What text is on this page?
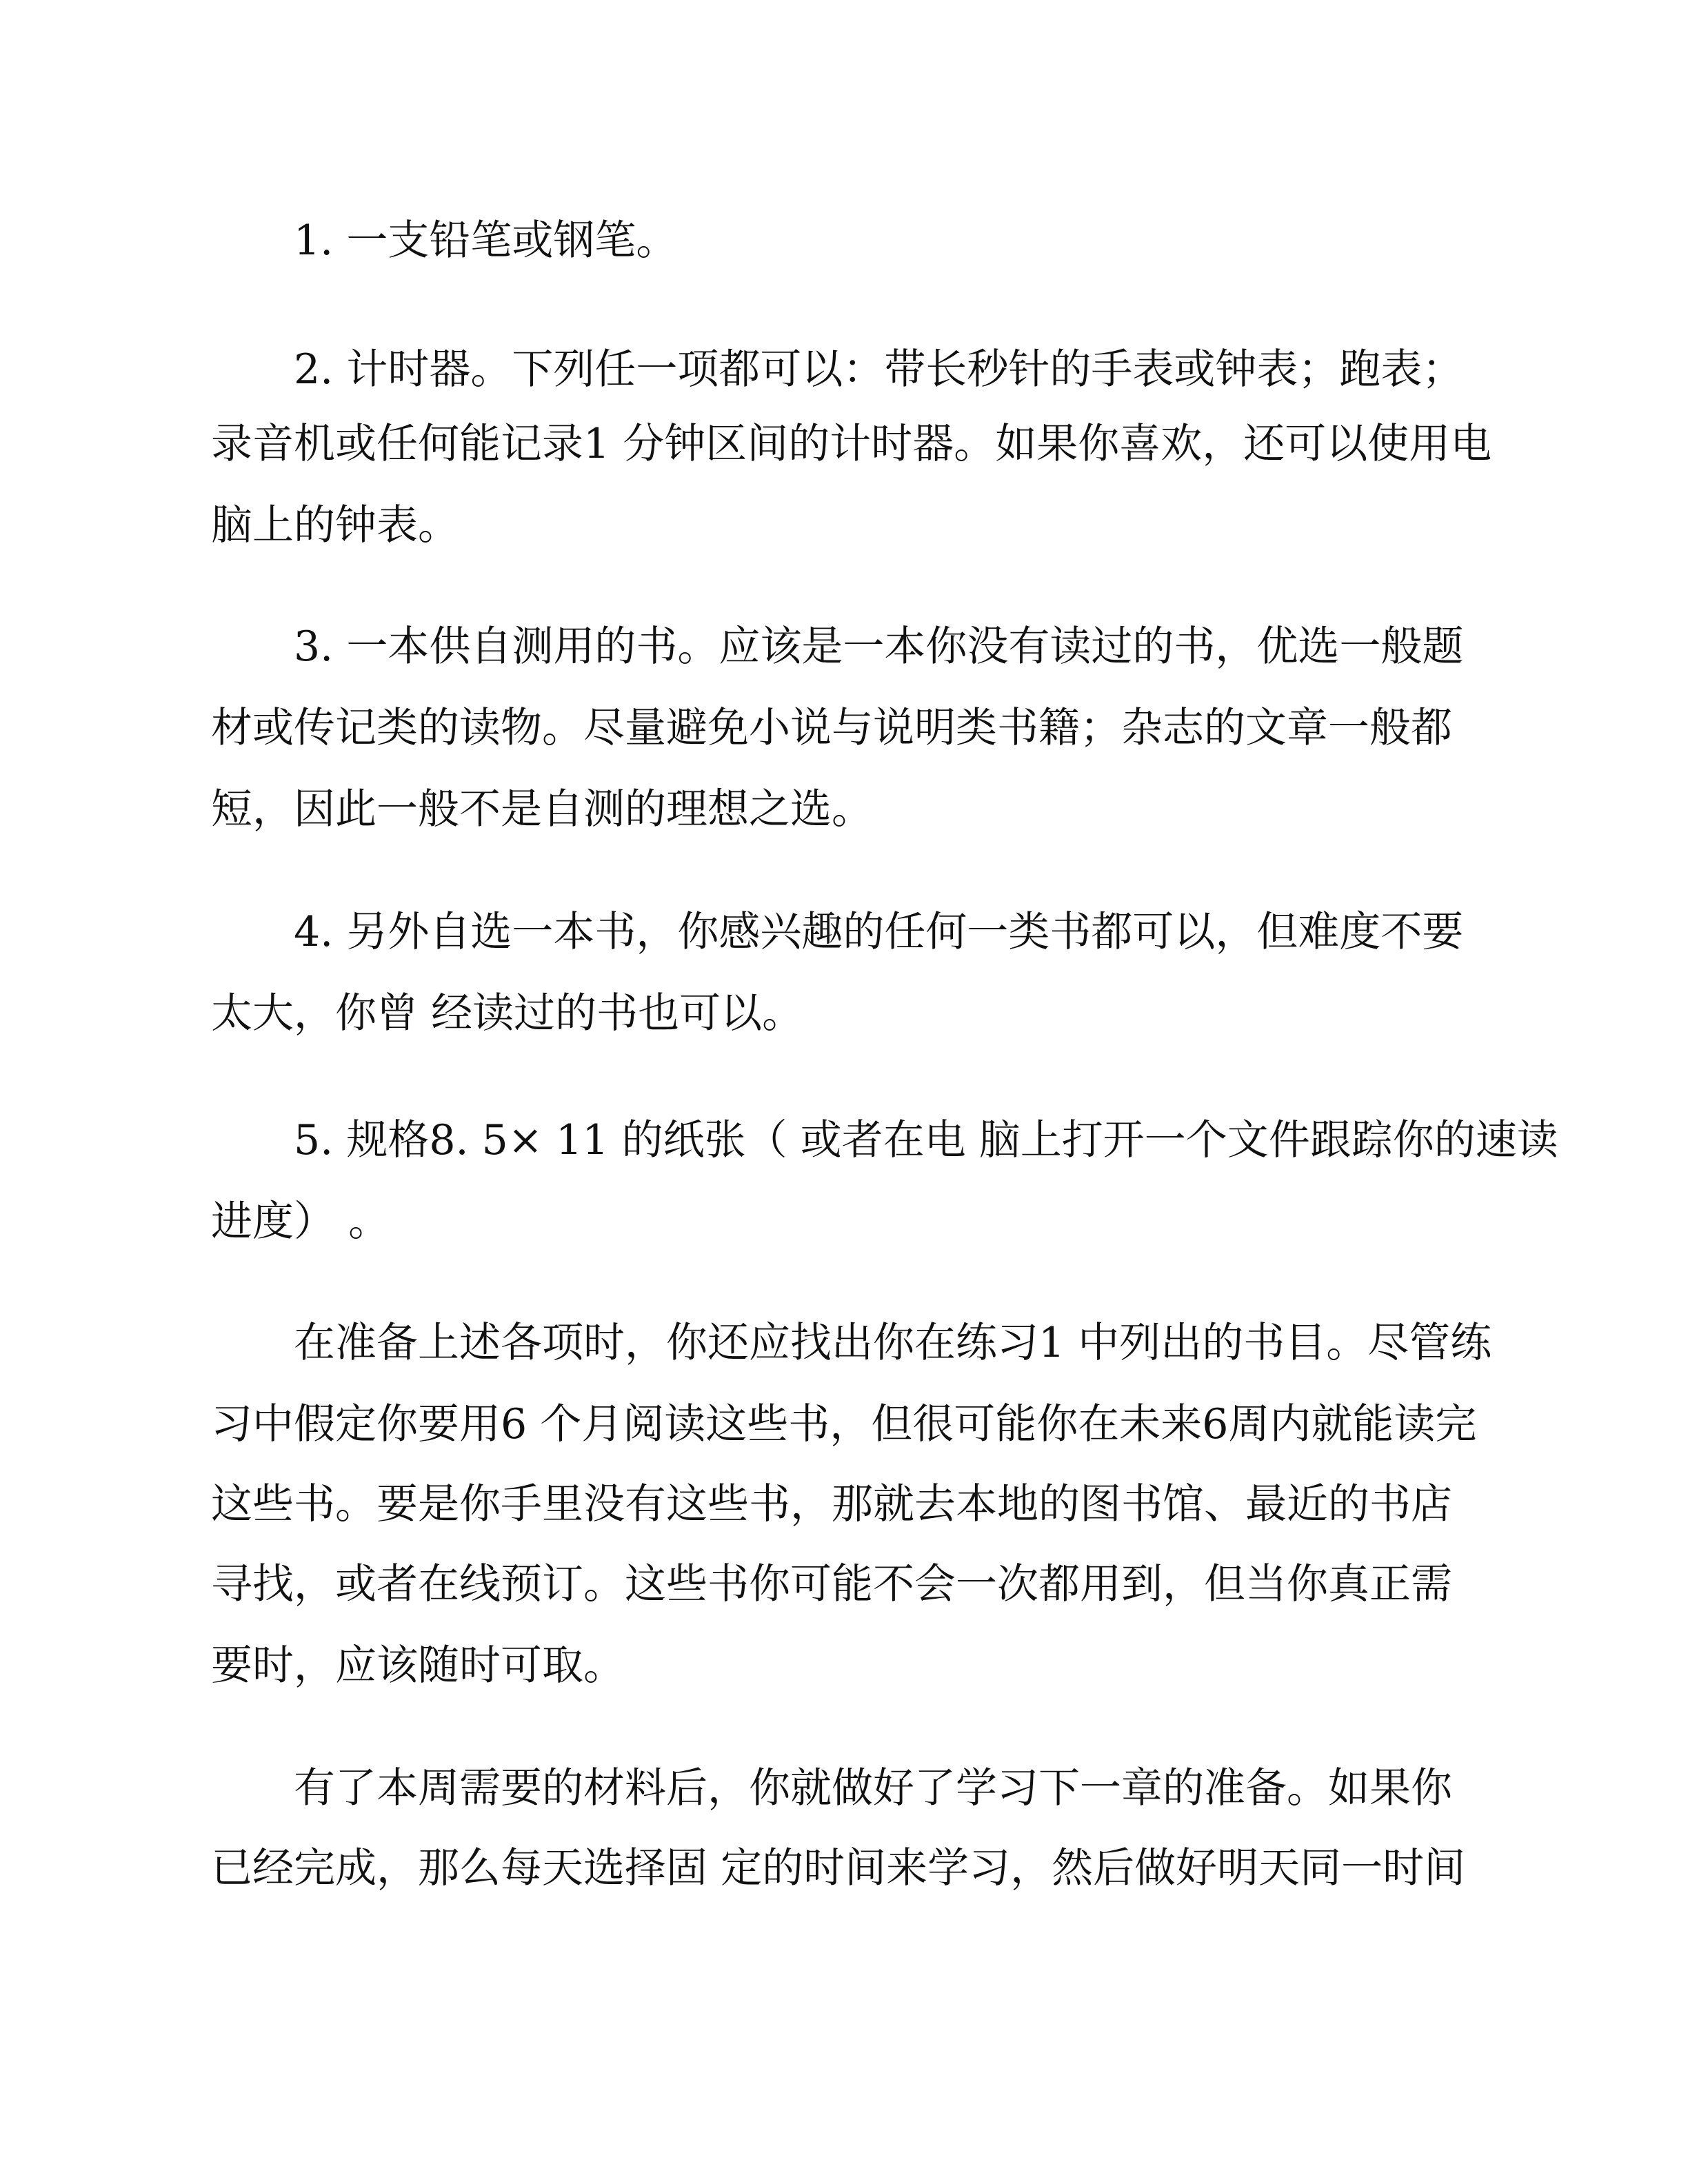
1. 一支铅笔或钢笔。

2. 计时器。下列任一项都可以：带长秒针的手表或钟表；跑表；

录音机或任何能记录1 分钟区间的计时器。如果你喜欢，还可以使用电

脑上的钟表。

3. 一本供自测用的书。应该是一本你没有读过的书，优选一般题

材或传记类的读物。尽量避免小说与说明类书籍；杂志的文章一般都

短，因此一般不是自测的理想之选。

4. 另外自选一本书，你感兴趣的任何一类书都可以，但难度不要

太大，你曾 经读过的书也可以。

5. 规格8. 5× 11 的纸张（ 或者在电 脑上打开一个文件跟踪你的速读

进度） 。

在准备上述各项时，你还应找出你在练习1 中列出的书目。尽管练

习中假定你要用6 个月阅读这些书，但很可能你在未来6周内就能读完

这些书。要是你手里没有这些书，那就去本地的图书馆、最近的书店

寻找，或者在线预订。这些书你可能不会一次都用到，但当你真正需

要时，应该随时可取。

有了本周需要的材料后，你就做好了学习下一章的准备。如果你

已经完成，那么每天选择固 定的时间来学习，然后做好明天同一时间
